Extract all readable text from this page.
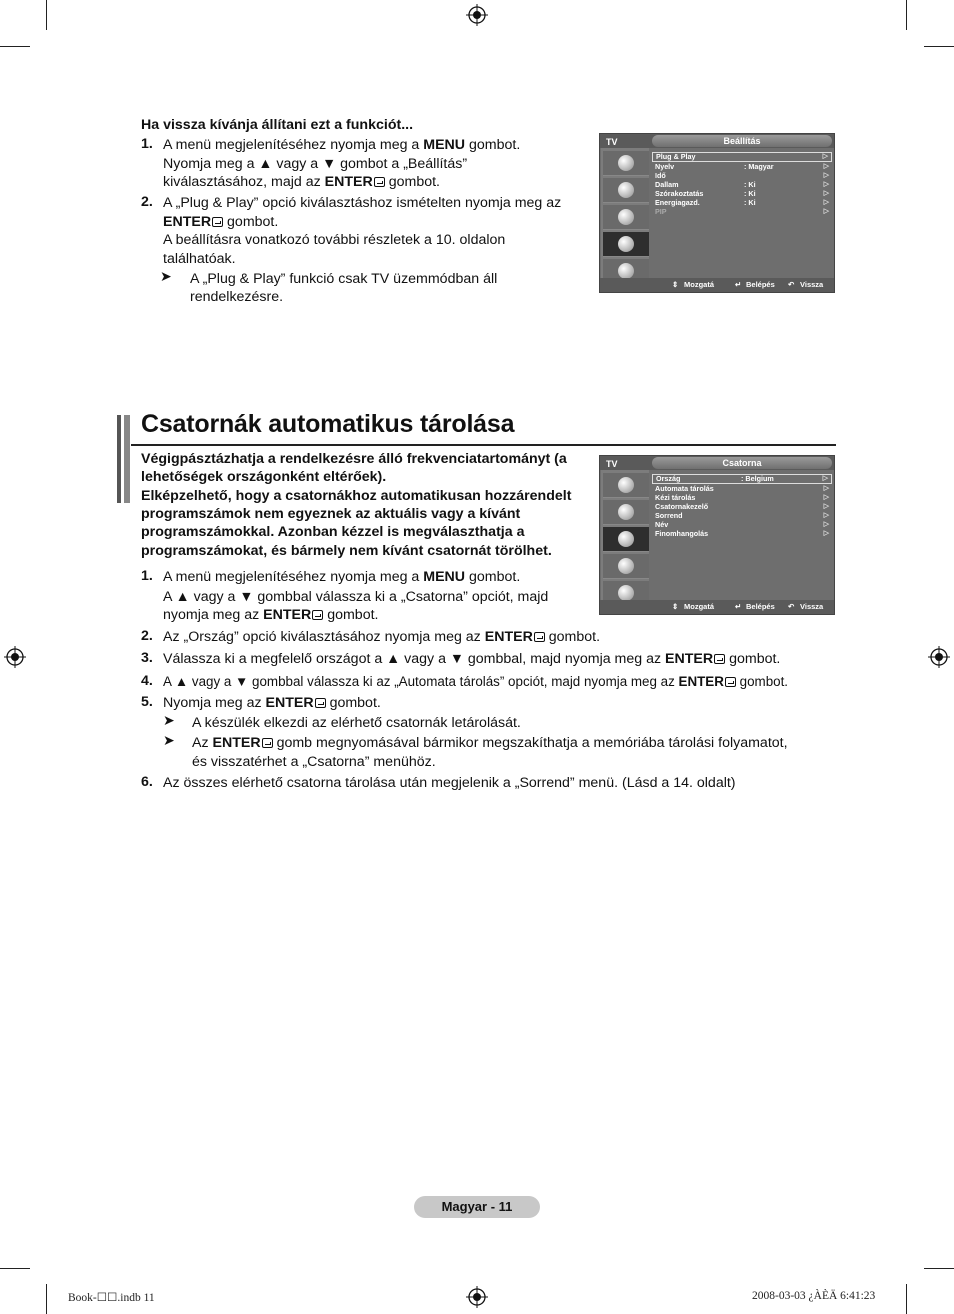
Ha vissza kívánja állítani ezt a funkciót...
1. A menü megjelenítéséhez nyomja meg a MENU gombot.
Nyomja meg a ▲ vagy a ▼ gombot a „Beállítás”
kiválasztásához, majd az ENTER gombot.
2. A „Plug & Play” opció kiválasztáshoz ismételten nyomja meg az
ENTER gombot.
A beállításra vonatkozó további részletek a 10. oldalon
találhatóak.
➤ A „Plug & Play” funkció csak TV üzemmódban áll
rendelkezésre.
TV	Beállítás
Plug & Play	▷
Nyelv	: Magyar	▷
Idő	▷
Dallam	: Ki	▷
Szórakoztatás	: Ki	▷
Energiagazd.	: Ki	▷
PIP	▷
⇕ Mozgatá	↵ Belépés ↶ Vissza
Csatornák automatikus tárolása
Végigpásztázhatja a rendelkezésre álló frekvenciatartományt (a
lehetőségek országonként eltérőek).
Elképzelhető, hogy a csatornákhoz automatikusan hozzárendelt
programszámok nem egyeznek az aktuális vagy a kívánt
programszámokkal. Azonban kézzel is megválaszthatja a
programszámokat, és bármely nem kívánt csatornát törölhet.
1. A menü megjelenítéséhez nyomja meg a MENU gombot.
A ▲ vagy a ▼ gombbal válassza ki a „Csatorna” opciót, majd
nyomja meg az ENTER gombot.
2. Az „Ország” opció kiválasztásához nyomja meg az ENTER gombot.
3. Válassza ki a megfelelő országot a ▲ vagy a ▼ gombbal, majd nyomja meg az ENTER gombot.
4. A ▲ vagy a ▼ gombbal válassza ki az „Automata tárolás” opciót, majd nyomja meg az ENTER gombot.
5. Nyomja meg az ENTER gombot.
➤ A készülék elkezdi az elérhető csatornák letárolását.
➤ Az ENTER gomb megnyomásával bármikor megszakíthatja a memóriába tárolási folyamatot,
és visszatérhet a „Csatorna” menühöz.
6. Az összes elérhető csatorna tárolása után megjelenik a „Sorrend” menü. (Lásd a 14. oldalt)
TV	Csatorna
Ország	: Belgium	▷
Automata tárolás	▷
Kézi tárolás	▷
Csatornakezelő	▷
Sorrend	▷
Név	▷
Finomhangolás	▷
⇕ Mozgatá	↵ Belépés ↶ Vissza
Magyar - 11
Book-☐☐.indb 11	2008-03-03 ¿ÀÈÄ 6:41:23
